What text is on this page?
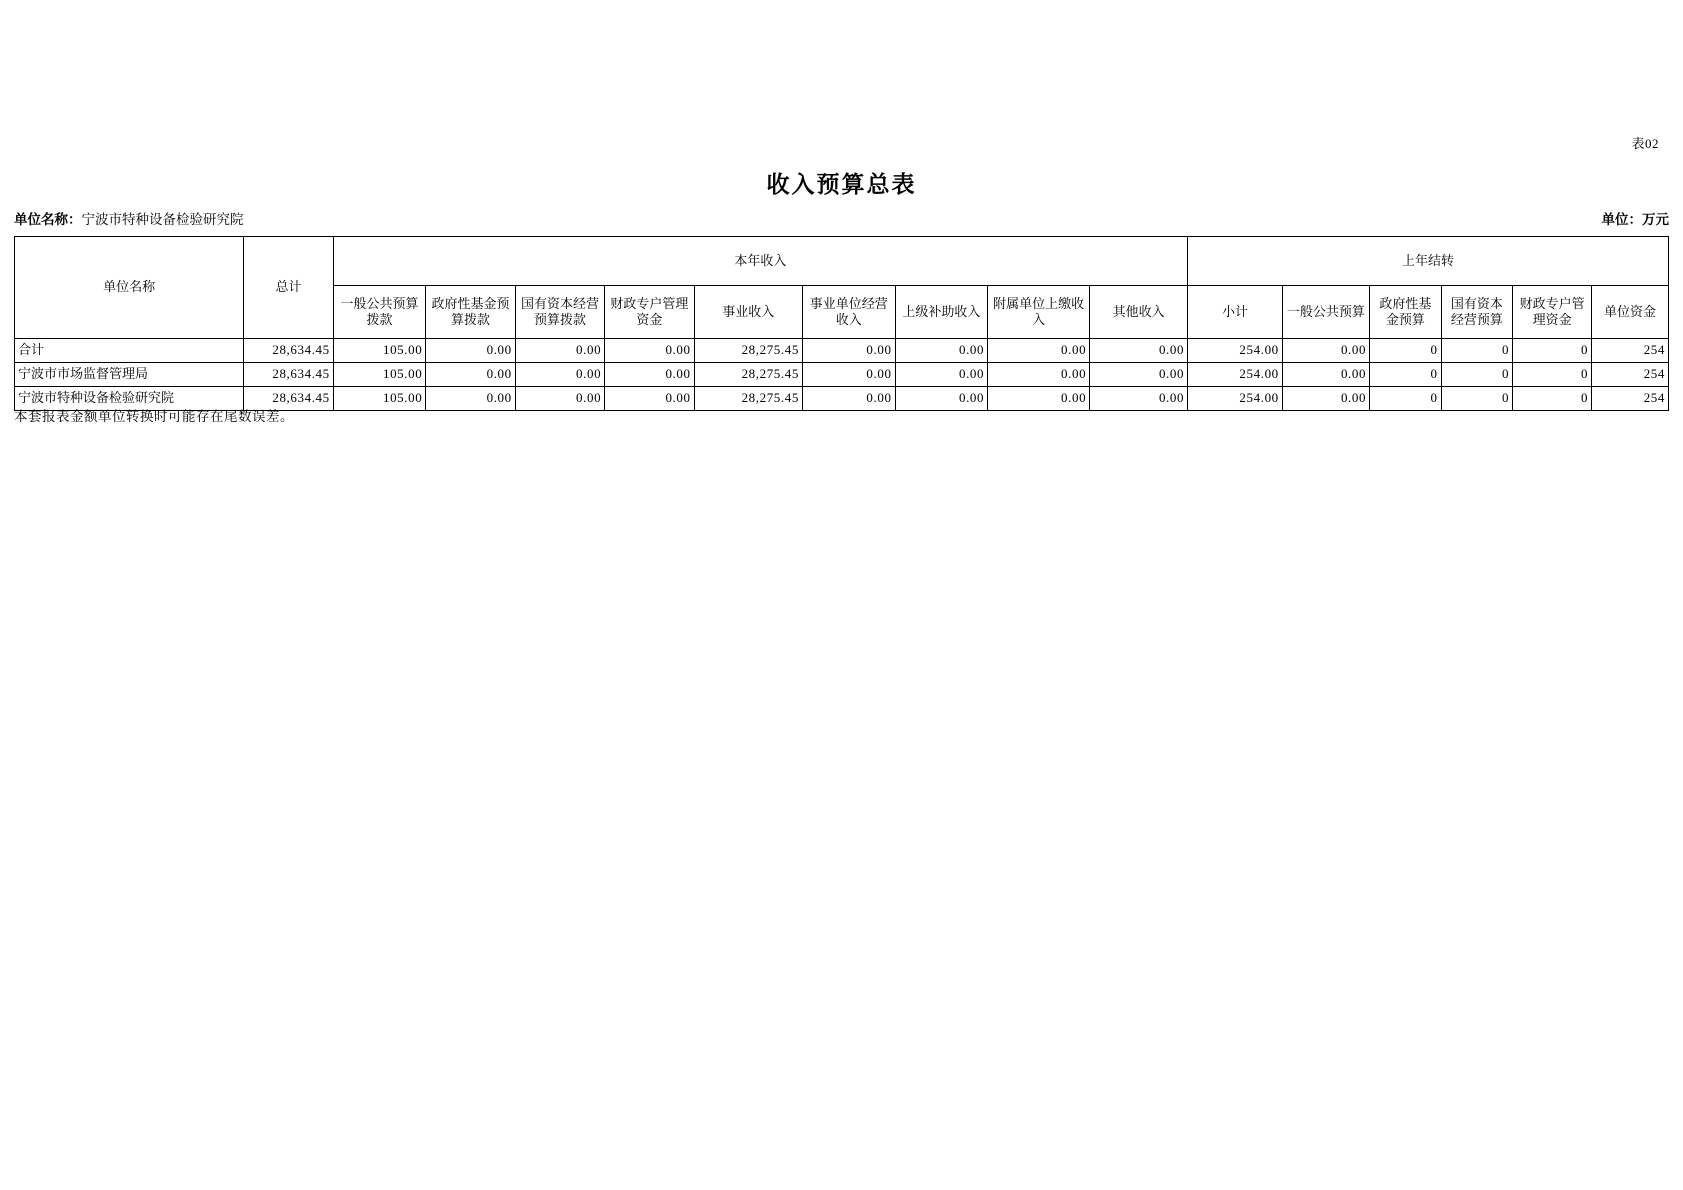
表02
收入预算总表
单位名称：宁波市特种设备检验研究院	单位：万元
单位名称	总计	本年收入									上年结转					
		一般公共预算拨款	政府性基金预算拨款	国有资本经营预算拨款	财政专户管理资金	事业收入	事业单位经营收入	上级补助收入	附属单位上缴收入	其他收入	小计	一般公共预算	政府性基金预算	国有资本经营预算	财政专户管理资金	单位资金
合计	28,634.45	105.00	0.00	0.00	0.00	28,275.45	0.00	0.00	0.00	0.00	254.00	0.00	0	0	0	254
宁波市市场监督管理局	28,634.45	105.00	0.00	0.00	0.00	28,275.45	0.00	0.00	0.00	0.00	254.00	0.00	0	0	0	254
宁波市特种设备检验研究院	28,634.45	105.00	0.00	0.00	0.00	28,275.45	0.00	0.00	0.00	0.00	254.00	0.00	0	0	0	254
本套报表金额单位转换时可能存在尾数误差。
